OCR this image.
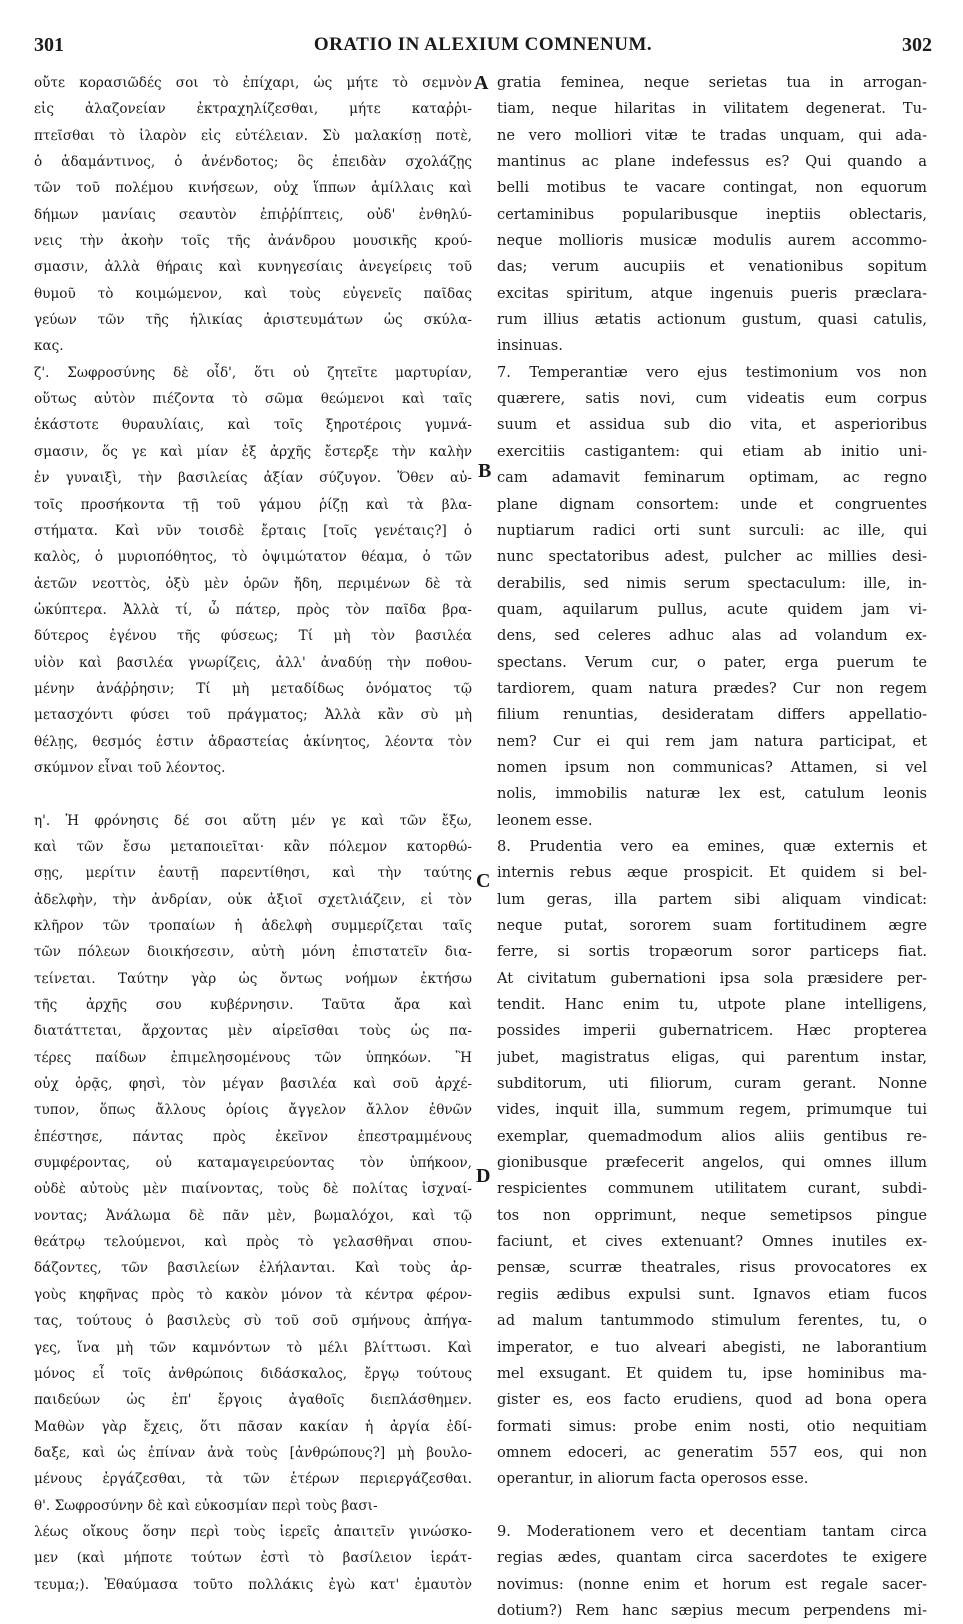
301	ORATIO IN ALEXIUM COMNENUM.	302
A
B
C
D
οὔτε κορασιῶδές σοι τὸ ἐπίχαρι, ὡς μήτε τὸ σεμνὸν
εἰς ἀλαζονείαν ἐκτραχηλίζεσθαι, μήτε καταῤῥι-
πτεῖσθαι τὸ ἱλαρὸν εἰς εὐτέλειαν. Σὺ μαλακίσῃ ποτὲ,
ὁ ἀδαμάντινος, ὁ ἀνένδοτος; ὃς ἐπειδὰν σχολάζῃς
τῶν τοῦ πολέμου κινήσεων, οὐχ ἵππων ἁμίλλαις καὶ
δήμων μανίαις σεαυτὸν ἐπιῤῥίπτεις, οὐδ' ἐνθηλύ-
νεις τὴν ἀκοὴν τοῖς τῆς ἀνάνδρου μουσικῆς κρού-
σμασιν, ἀλλὰ θήραις καὶ κυνηγεσίαις ἀνεγείρεις τοῦ
θυμοῦ τὸ κοιμώμενον, καὶ τοὺς εὐγενεῖς παῖδας
γεύων τῶν τῆς ἡλικίας ἀριστευμάτων ὡς σκύλα-
κας.
ζ'. Σωφροσύνης δὲ οἶδ', ὅτι οὐ ζητεῖτε μαρτυρίαν,
οὕτως αὐτὸν πιέζοντα τὸ σῶμα θεώμενοι καὶ ταῖς
ἑκάστοτε θυραυλίαις, καὶ τοῖς ξηροτέροις γυμνά-
σμασιν, ὅς γε καὶ μίαν ἐξ ἀρχῆς ἔστερξε τὴν καλὴν
ἐν γυναιξὶ, τὴν βασιλείας ἀξίαν σύζυγον. Ὅθεν αὐ-
τοῖς προσήκοντα τῇ τοῦ γάμου ῥίζῃ καὶ τὰ βλα-
στήματα. Καὶ νῦν τοισδὲ ἔρταις [τοῖς γενέταις?] ὁ
καλὸς, ὁ μυριοπόθητος, τὸ ὀψιμώτατον θέαμα, ὁ τῶν
ἀετῶν νεοττὸς, ὀξὺ μὲν ὁρῶν ἤδη, περιμένων δὲ τὰ
ὠκύπτερα. Ἀλλὰ τί, ὦ πάτερ, πρὸς τὸν παῖδα βρα-
δύτερος ἐγένου τῆς φύσεως; Τί μὴ τὸν βασιλέα
υἱὸν καὶ βασιλέα γνωρίζεις, ἀλλ' ἀναδύῃ τὴν ποθου-
μένην ἀνάῤῥησιν; Τί μὴ μεταδίδως ὀνόματος τῷ
μετασχόντι φύσει τοῦ πράγματος; Ἀλλὰ κἂν σὺ μὴ
θέλῃς, θεσμός ἐστιν ἀδραστείας ἀκίνητος, λέοντα τὸν
σκύμνον εἶναι τοῦ λέοντος.
η'. Ἡ φρόνησις δέ σοι αὕτη μέν γε καὶ τῶν ἔξω,
καὶ τῶν ἔσω μεταποιεῖται· κἂν πόλεμον κατορθώ-
σῃς, μερίτιν ἑαυτῇ παρεντίθησι, καὶ τὴν ταύτης
ἀδελφὴν, τὴν ἀνδρίαν, οὐκ ἀξιοῖ σχετλιάζειν, εἰ τὸν
κλῆρον τῶν τροπαίων ἡ ἀδελφὴ συμμερίζεται ταῖς
τῶν πόλεων διοικήσεσιν, αὐτὴ μόνη ἐπιστατεῖν δια-
τείνεται. Ταύτην γὰρ ὡς ὄντως νοήμων ἐκτήσω
τῆς ἀρχῆς σου κυβέρνησιν. Ταῦτα ἄρα καὶ
διατάττεται, ἄρχοντας μὲν αἱρεῖσθαι τοὺς ὡς πα-
τέρες παίδων ἐπιμελησομένους τῶν ὑπηκόων. Ἢ
οὐχ ὁρᾷς, φησὶ, τὸν μέγαν βασιλέα καὶ σοῦ ἀρχέ-
τυπον, ὅπως ἄλλους ὁρίοις ἄγγελον ἄλλον ἐθνῶν
ἐπέστησε, πάντας πρὸς ἐκεῖνον ἐπεστραμμένους
συμφέροντας, οὐ καταμαγειρεύοντας τὸν ὑπήκοον,
οὐδὲ αὐτοὺς μὲν πιαίνοντας, τοὺς δὲ πολίτας ἰσχναί-
νοντας; Ἀνάλωμα δὲ πᾶν μὲν, βωμαλόχοι, καὶ τῷ
θεάτρῳ τελούμενοι, καὶ πρὸς τὸ γελασθῆναι σπου-
δάζοντες, τῶν βασιλείων ἐλήλανται. Καὶ τοὺς ἀρ-
γοὺς κηφῆνας πρὸς τὸ κακὸν μόνον τὰ κέντρα φέρον-
τας, τούτους ὁ βασιλεὺς σὺ τοῦ σοῦ σμήνους ἀπήγα-
γες, ἵνα μὴ τῶν καμνόντων τὸ μέλι βλίττωσι. Καὶ
μόνος εἶ τοῖς ἀνθρώποις διδάσκαλος, ἔργῳ τούτους
παιδεύων ὡς ἐπ' ἔργοις ἀγαθοῖς διεπλάσθημεν.
Μαθὼν γὰρ ἔχεις, ὅτι πᾶσαν κακίαν ἡ ἀργία ἐδί-
δαξε, καὶ ὡς ἐπίναν ἀνὰ τοὺς [ἀνθρώπους?] μὴ βουλο-
μένους ἐργάζεσθαι, τὰ τῶν ἑτέρων περιεργάζεσθαι.
θ'. Σωφροσύνην δὲ καὶ εὐκοσμίαν περὶ τοὺς βασι-
λέως οἴκους ὅσην περὶ τοὺς ἱερεῖς ἀπαιτεῖν γινώσκο-
μεν (καὶ μήποτε τούτων ἐστὶ τὸ βασίλειον ἱεράτ-
τευμα;). Ἐθαύμασα τοῦτο πολλάκις ἐγὼ κατ' ἐμαυτὸν
gratia feminea, neque serietas tua in arrogan-
tiam, neque hilaritas in vilitatem degenerat. Tu-
ne vero molliori vitæ te tradas unquam, qui ada-
mantinus ac plane indefessus es? Qui quando a
belli motibus te vacare contingat, non equorum
certaminibus popularibusque ineptiis oblectaris,
neque mollioris musicæ modulis aurem accommo-
das; verum aucupiis et venationibus sopitum
excitas spiritum, atque ingenuis pueris præclara-
rum illius ætatis actionum gustum, quasi catulis,
insinuas.
7. Temperantiæ vero ejus testimonium vos non
quærere, satis novi, cum videatis eum corpus
suum et assidua sub dio vita, et asperioribus
exercitiis castigantem: qui etiam ab initio uni-
cam adamavit feminarum optimam, ac regno
plane dignam consortem: unde et congruentes
nuptiarum radici orti sunt surculi: ac ille, qui
nunc spectatoribus adest, pulcher ac millies desi-
derabilis, sed nimis serum spectaculum: ille, in-
quam, aquilarum pullus, acute quidem jam vi-
dens, sed celeres adhuc alas ad volandum ex-
spectans. Verum cur, o pater, erga puerum te
tardiorem, quam natura prædes? Cur non regem
filium renuntias, desideratam differs appellatio-
nem? Cur ei qui rem jam natura participat, et
nomen ipsum non communicas? Attamen, si vel
nolis, immobilis naturæ lex est, catulum leonis
leonem esse.
8. Prudentia vero ea emines, quæ externis et
internis rebus æque prospicit. Et quidem si bel-
lum geras, illa partem sibi aliquam vindicat:
neque putat, sororem suam fortitudinem ægre
ferre, si sortis tropæorum soror particeps fiat.
At civitatum gubernationi ipsa sola præsidere per-
tendit. Hanc enim tu, utpote plane intelligens,
possides imperii gubernatricem. Hæc propterea
jubet, magistratus eligas, qui parentum instar,
subditorum, uti filiorum, curam gerant. Nonne
vides, inquit illa, summum regem, primumque tui
exemplar, quemadmodum alios aliis gentibus re-
gionibusque præfecerit angelos, qui omnes illum
respicientes communem utilitatem curant, subdi-
tos non opprimunt, neque semetipsos pingue
faciunt, et cives extenuant? Omnes inutiles ex-
pensæ, scurræ theatrales, risus provocatores ex
regiis ædibus expulsi sunt. Ignavos etiam fucos
ad malum tantummodo stimulum ferentes, tu, o
imperator, e tuo alveari abegisti, ne laborantium
mel exsugant. Et quidem tu, ipse hominibus ma-
gister es, eos facto erudiens, quod ad bona opera
formati simus: probe enim nosti, otio nequitiam
omnem edoceri, ac generatim 557 eos, qui non
operantur, in aliorum facta operosos esse.
9. Moderationem vero et decentiam tantam circa
regias ædes, quantam circa sacerdotes te exigere
novimus: (nonne enim et horum est regale sacer-
dotium?) Rem hanc sæpius mecum perpendens mi-
